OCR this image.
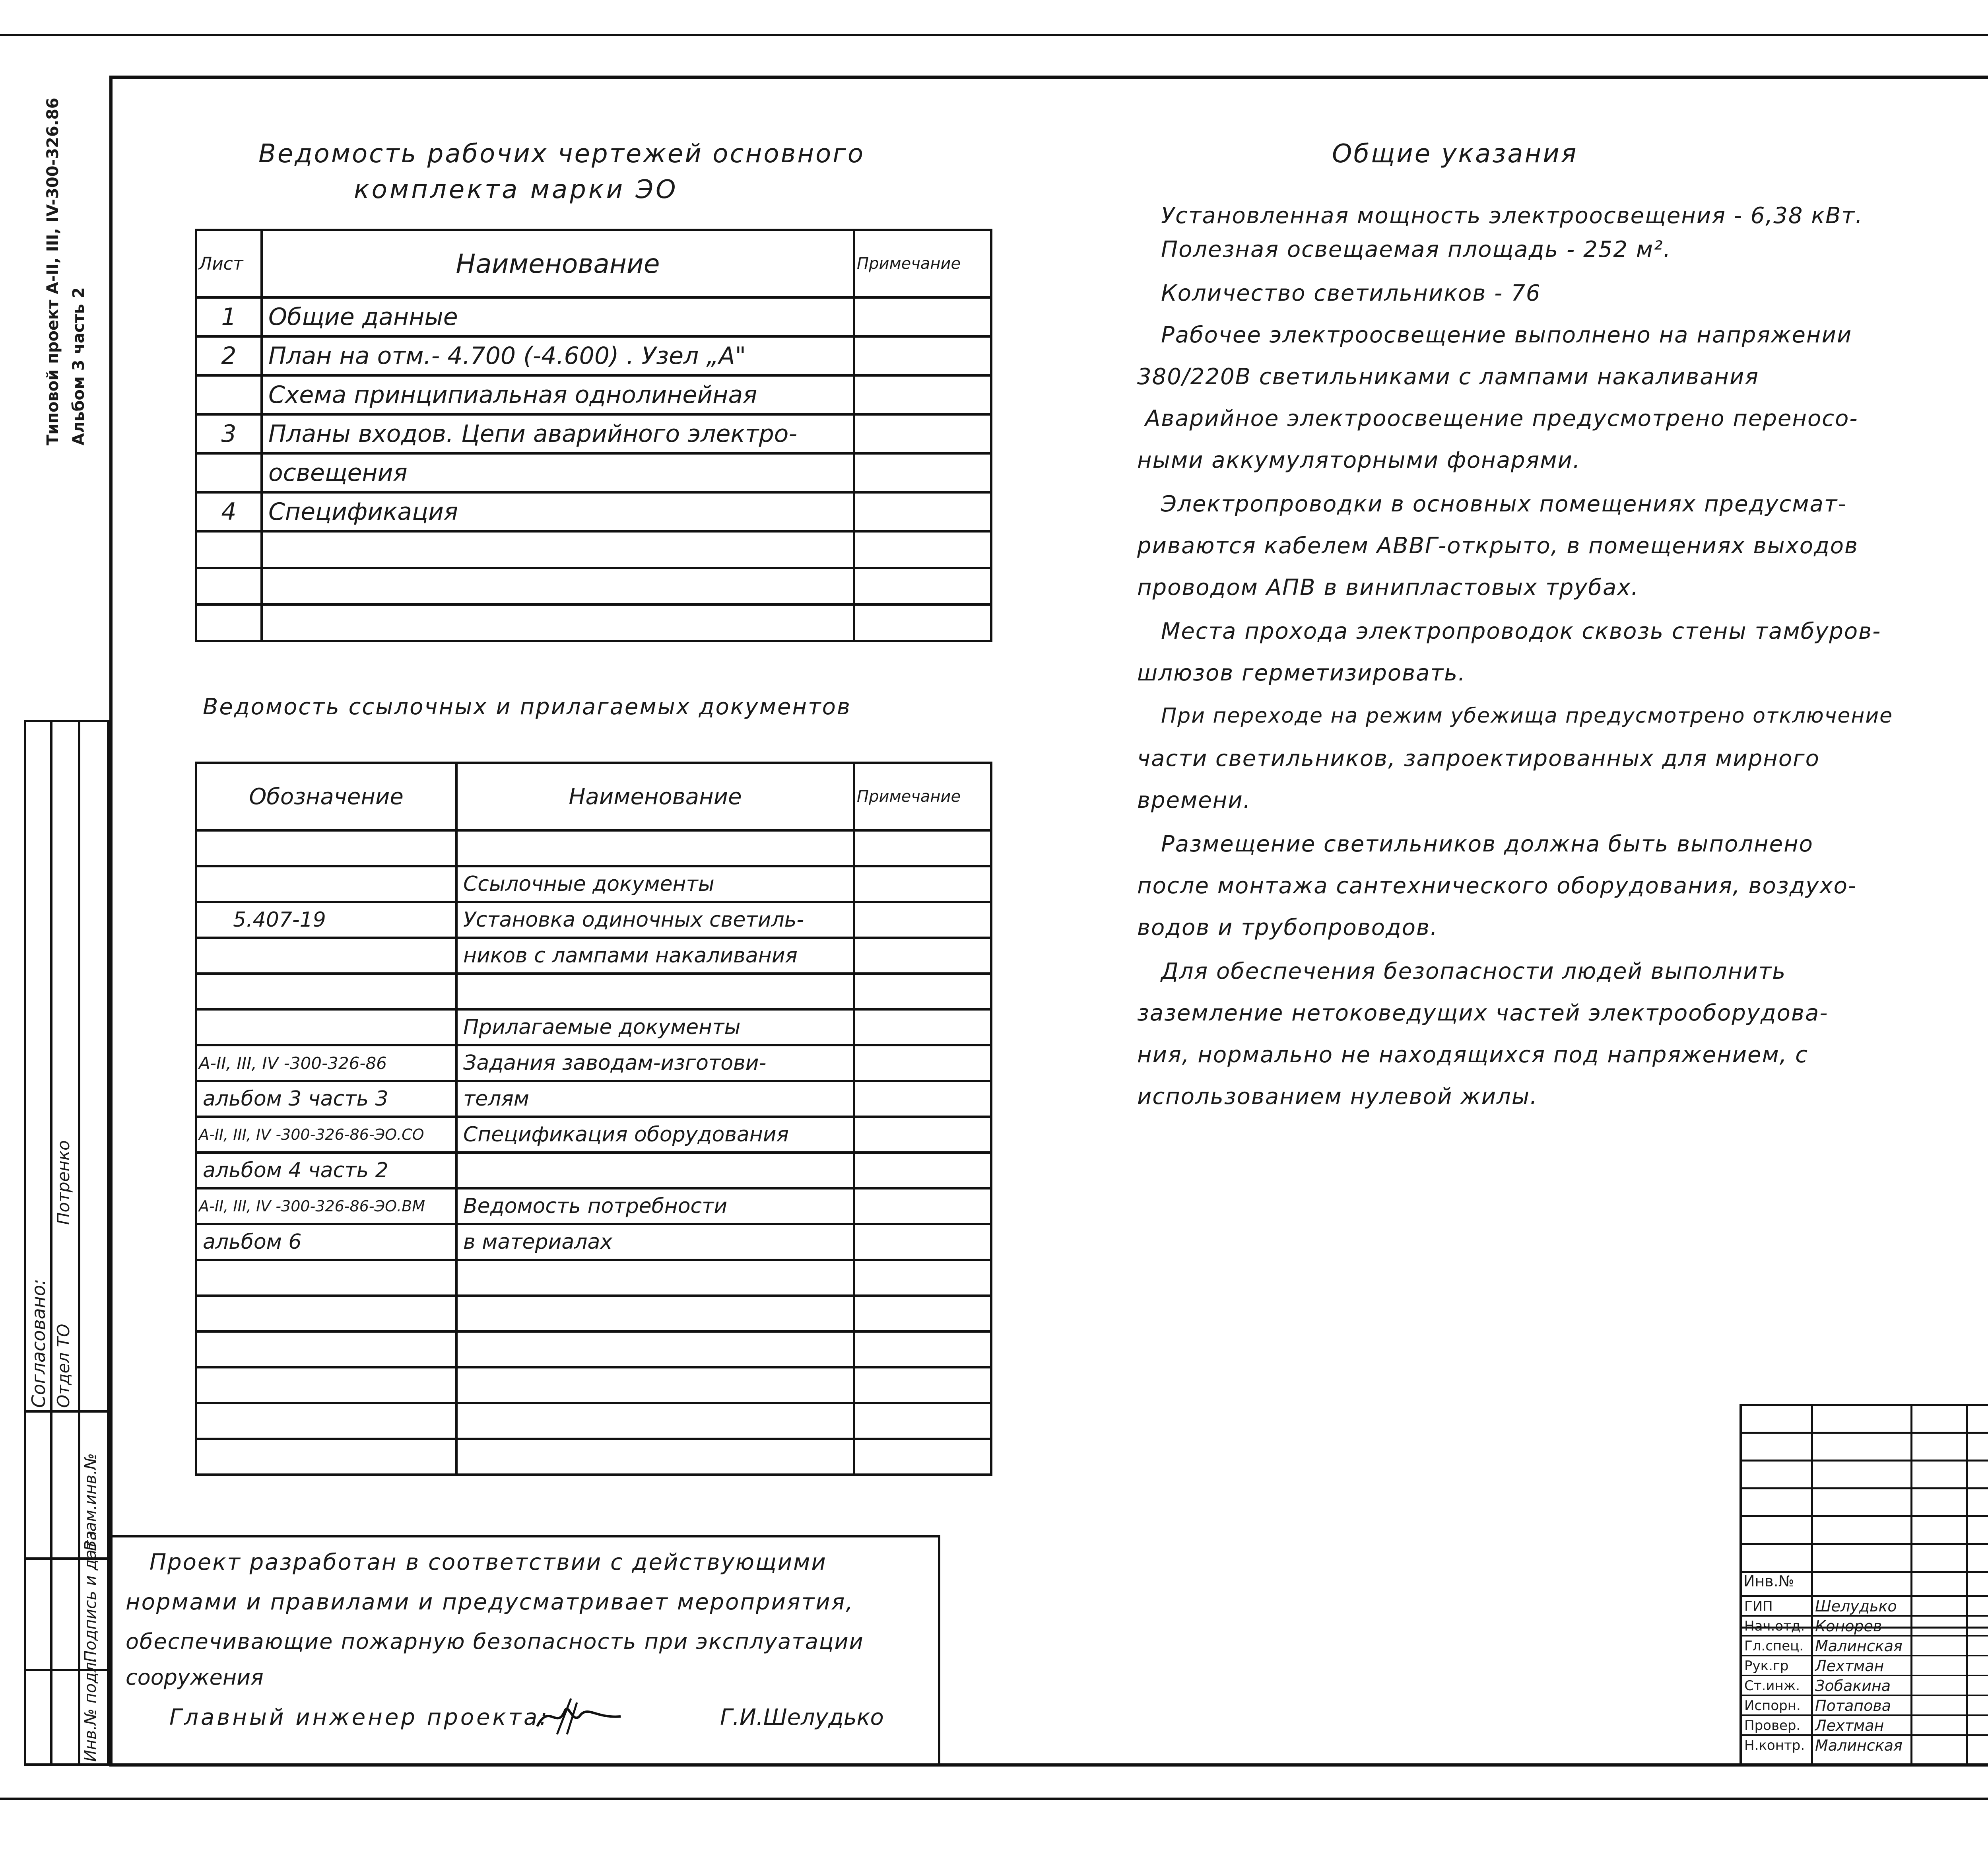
Типовой проект А-II, III, IV-300-326.86 Альбом 3 часть 2
Согласовано: Отдел ТО
Потренко
Взам.инв.№
Подпись и дата
Инв.№ подл.
Ведомость рабочих чертежей основного
комплекта марки ЭО
Лист	Наименование	Примечание
1	Общие данные	
2	План на отм.- 4.700 (-4.600) . Узел „А"	
	Схема принципиальная однолинейная	
3	Планы входов. Цепи аварийного электро-	
	освещения	
4	Спецификация	

Ведомость ссылочных и прилагаемых документов
Обозначение	Наименование	Примечание

	Ссылочные документы	
5.407-19	Установка одиночных светиль-	
	ников с лампами накаливания	

	Прилагаемые документы	
А-II, III, IV -300-326-86	Задания заводам-изготови-	
альбом 3 часть 3	телям	
А-II, III, IV -300-326-86-ЭО.СО	Спецификация оборудования	
альбом 4 часть 2		
А-II, III, IV -300-326-86-ЭО.ВМ	Ведомость потребности	
альбом 6	в материалах	

Общие указания

Установленная мощность электроосвещения - 6,38 кВт.

Полезная освещаемая площадь - 252 м².

Количество светильников - 76

Рабочее электроосвещение выполнено на напряжении

380/220В светильниками с лампами накаливания

Аварийное электроосвещение предусмотрено переносо-

ными аккумуляторными фонарями.

Электропроводки в основных помещениях предусмат-

риваются кабелем АВВГ-открыто, в помещениях выходов

проводом АПВ в винипластовых трубах.

Места прохода электропроводок сквозь стены тамбуров-

шлюзов герметизировать.

При переходе на режим убежища предусмотрено отключение

части светильников, запроектированных для мирного

времени.

Размещение светильников должна быть выполнено

после монтажа сантехнического оборудования, воздухо-

водов и трубопроводов.

Для обеспечения безопасности людей выполнить

заземление нетоковедущих частей электрооборудова-

ния, нормально не находящихся под напряжением, с

использованием нулевой жилы.

Проект разработан в соответствии с действующими
нормами и правилами и предусматривает мероприятия,
обеспечивающие пожарную безопасность при эксплуатации
сооружения
Главный инженер проекта:	Г.И.Шелудько
Инв.№
ГИП	Шелудько
Нач.отд. Конорев
Гл.спец. Малинская
Рук.гр Лехтман
Ст.инж. Зобакина
Испорн. Потапова
Провер. Лехтман
Н.контр. Малинская
